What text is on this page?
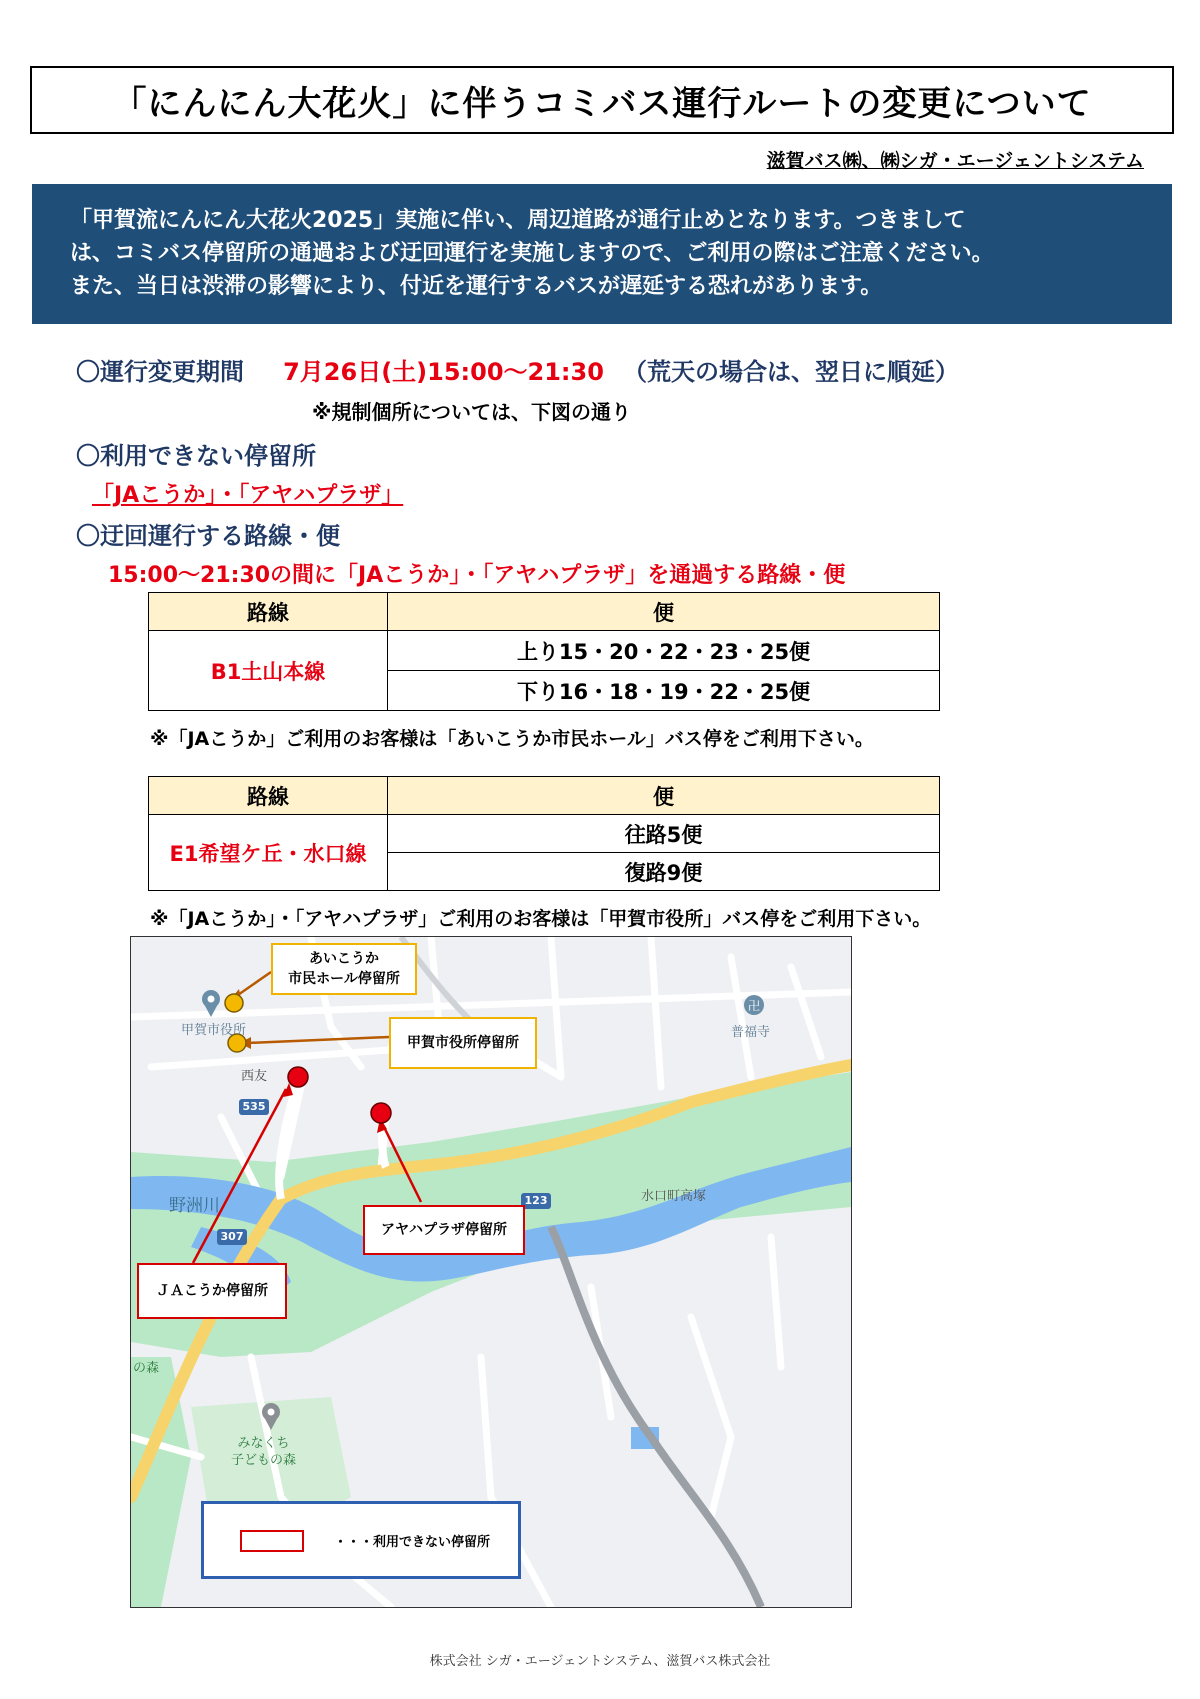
「にんにん大花火」に伴うコミバス運行ルートの変更について
滋賀バス㈱、㈱シガ・エージェントシステム
「甲賀流にんにん大花火2025」実施に伴い、周辺道路が通行止めとなります。つきまして
は、コミバス停留所の通過および迂回運行を実施しますので、ご利用の際はご注意ください。
また、当日は渋滞の影響により、付近を運行するバスが遅延する恐れがあります。
〇運行変更期間 7月26日(土)15:00～21:30 （荒天の場合は、翌日に順延）
※規制個所については、下図の通り
〇利用できない停留所
「JAこうか」・「アヤハプラザ」
〇迂回運行する路線・便
15:00～21:30の間に「JAこうか」・「アヤハプラザ」を通過する路線・便
路線	便
B1土山本線	上り15・20・22・23・25便
	下り16・18・19・22・25便
※「JAこうか」ご利用のお客様は「あいこうか市民ホール」バス停をご利用下さい。
路線	便
E1希望ケ丘・水口線	往路5便
	復路9便
※「JAこうか」・「アヤハプラザ」ご利用のお客様は「甲賀市役所」バス停をご利用下さい。
卍
甲賀市役所
西友
普福寺
野洲川	水口町高塚
の森
みなくち
子どもの森
535
307
123
あいこうか
市民ホール停留所
甲賀市役所停留所
アヤハプラザ停留所
ＪＡこうか停留所
・・・利用できない停留所
株式会社 シガ・エージェントシステム、滋賀バス株式会社
